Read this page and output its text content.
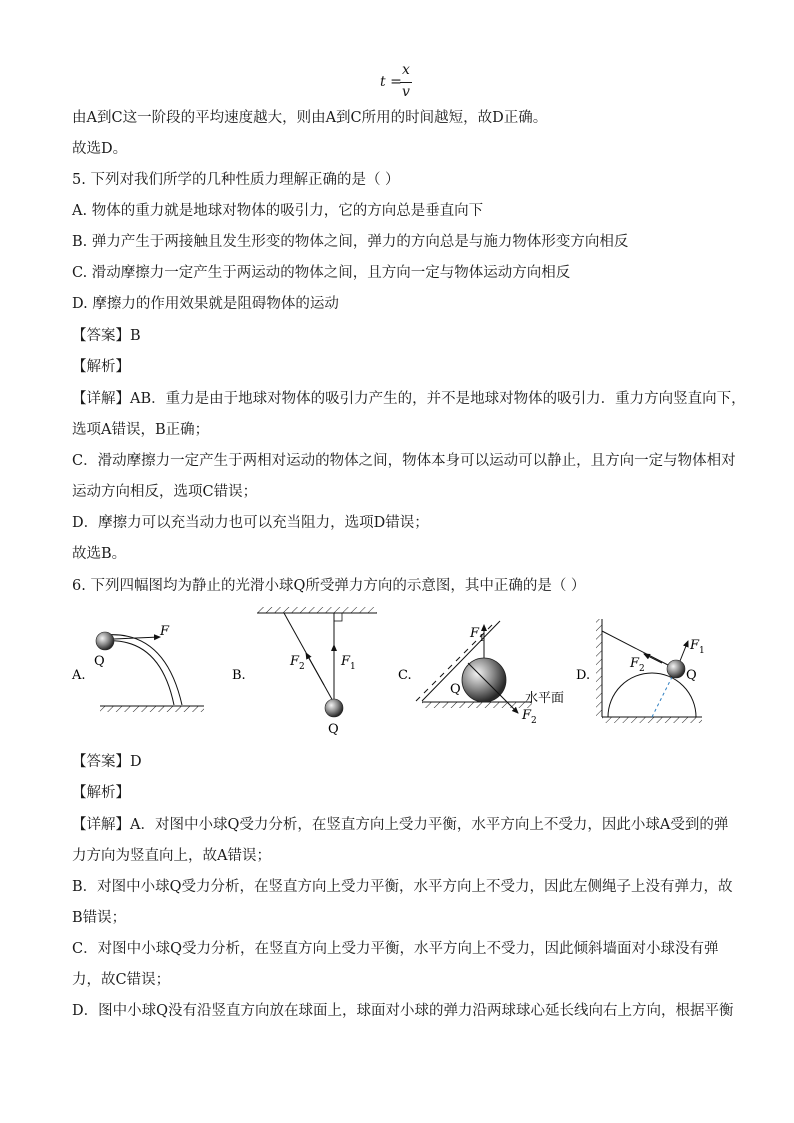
t =
x
v
由A到C这一阶段的平均速度越大，则由A到C所用的时间越短，故D正确。
故选D。
5. 下列对我们所学的几种性质力理解正确的是（ ）
A. 物体的重力就是地球对物体的吸引力，它的方向总是垂直向下
B. 弹力产生于两接触且发生形变的物体之间，弹力的方向总是与施力物体形变方向相反
C. 滑动摩擦力一定产生于两运动的物体之间，且方向一定与物体运动方向相反
D. 摩擦力的作用效果就是阻碍物体的运动
【答案】B
【解析】
【详解】AB．重力是由于地球对物体的吸引力产生的，并不是地球对物体的吸引力．重力方向竖直向下，
选项A错误，B正确；
C．滑动摩擦力一定产生于两相对运动的物体之间，物体本身可以运动可以静止，且方向一定与物体相对
运动方向相反，选项C错误；
D．摩擦力可以充当动力也可以充当阻力，选项D错误；
故选B。
6. 下列四幅图均为静止的光滑小球Q所受弹力方向的示意图，其中正确的是（ ）
A.
F
Q
B.
F 1
F 2
Q
C.
F 1
F 2
Q
水平面
D.
F 1
F 2	Q
【答案】D
【解析】
【详解】A．对图中小球Q受力分析，在竖直方向上受力平衡，水平方向上不受力，因此小球A受到的弹
力方向为竖直向上，故A错误；
B．对图中小球Q受力分析，在竖直方向上受力平衡，水平方向上不受力，因此左侧绳子上没有弹力，故
B错误；
C．对图中小球Q受力分析，在竖直方向上受力平衡，水平方向上不受力，因此倾斜墙面对小球没有弹
力，故C错误；
D．图中小球Q没有沿竖直方向放在球面上，球面对小球的弹力沿两球球心延长线向右上方向，根据平衡
